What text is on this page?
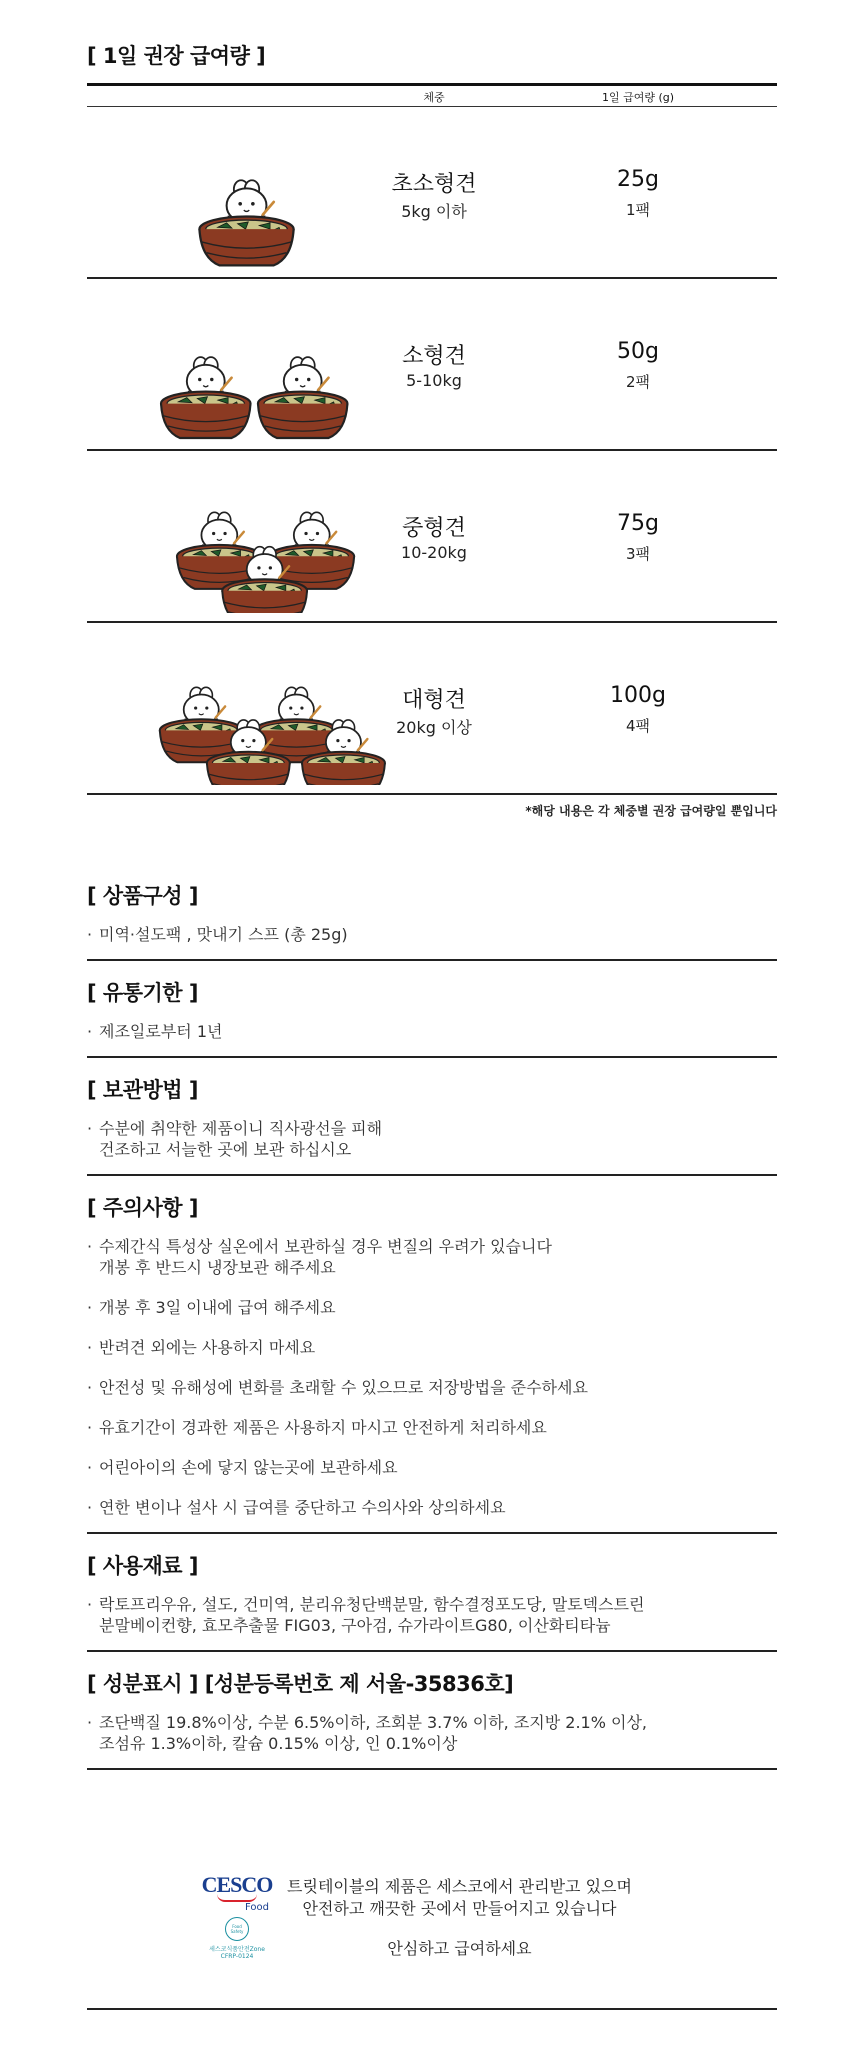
[ 1일 권장 급여량 ]
체중	1일 급여량 (g)
초소형견
5kg 이하
25g
1팩
소형견
5-10kg
50g
2팩
중형견
10-20kg
75g
3팩
대형견
20kg 이상
100g
4팩
*해당 내용은 각 체중별 권장 급여량일 뿐입니다
[ 상품구성 ]
· 미역·설도팩 , 맛내기 스프 (총 25g)
[ 유통기한 ]
· 제조일로부터 1년
[ 보관방법 ]
· 수분에 취약한 제품이니 직사광선을 피해
건조하고 서늘한 곳에 보관 하십시오
[ 주의사항 ]
· 수제간식 특성상 실온에서 보관하실 경우 변질의 우려가 있습니다
개봉 후 반드시 냉장보관 해주세요
· 개봉 후 3일 이내에 급여 해주세요
· 반려견 외에는 사용하지 마세요
· 안전성 및 유해성에 변화를 초래할 수 있으므로 저장방법을 준수하세요
· 유효기간이 경과한 제품은 사용하지 마시고 안전하게 처리하세요
· 어린아이의 손에 닿지 않는곳에 보관하세요
· 연한 변이나 설사 시 급여를 중단하고 수의사와 상의하세요
[ 사용재료 ]
· 락토프리우유, 설도, 건미역, 분리유청단백분말, 함수결정포도당, 말토덱스트린
분말베이컨향, 효모추출물 FIG03, 구아검, 슈가라이트G80, 이산화티타늄
[ 성분표시 ] [성분등록번호 제 서울-35836호]
· 조단백질 19.8%이상, 수분 6.5%이하, 조회분 3.7% 이하, 조지방 2.1% 이상,
조섬유 1.3%이하, 칼슘 0.15% 이상, 인 0.1%이상
CESCO
Food
Food Safety
세스코식품안전Zone
CFRP-0124
트릿테이블의 제품은 세스코에서 관리받고 있으며
안전하고 깨끗한 곳에서 만들어지고 있습니다
안심하고 급여하세요
